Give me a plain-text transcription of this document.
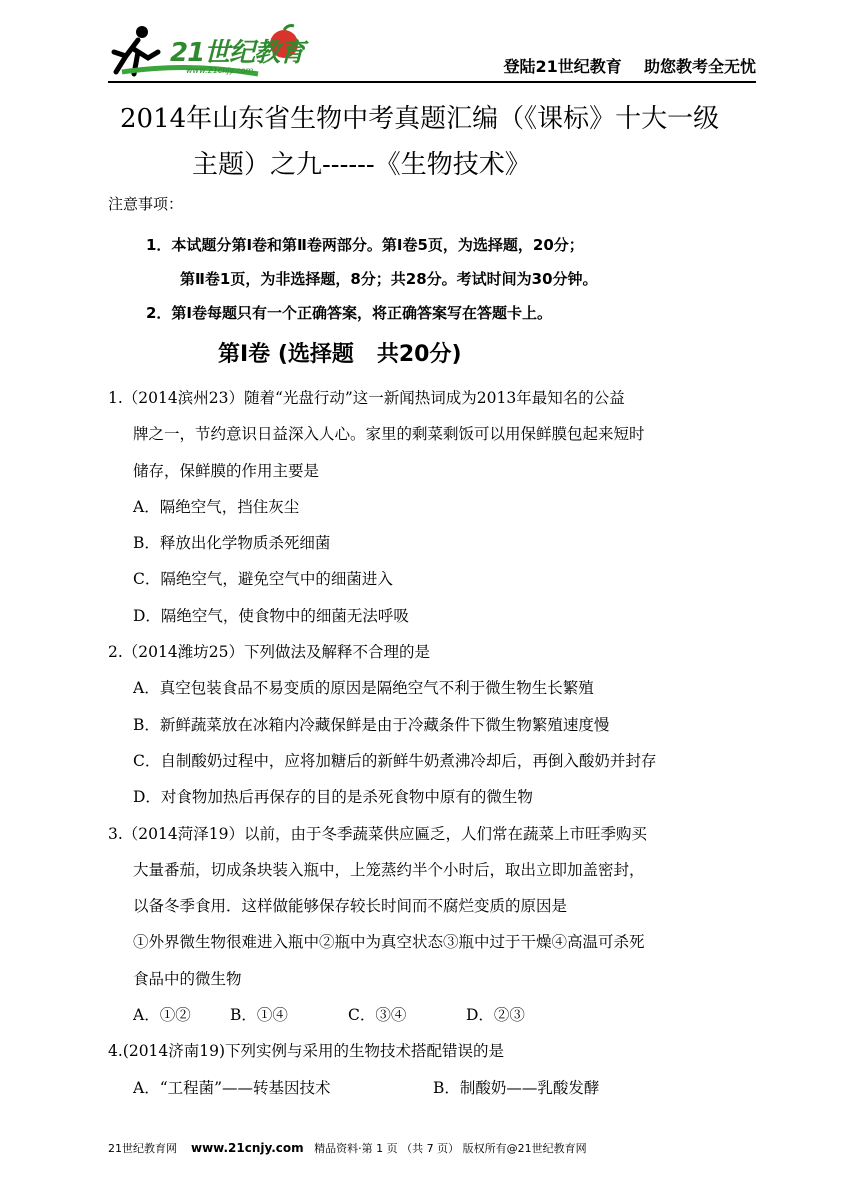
21世纪教育
www.21cnjy.com	登陆21世纪教育    助您教考全无忧
2014年山东省生物中考真题汇编（《课标》十大一级
主题）之九------《生物技术》
注意事项：
1．本试题分第Ⅰ卷和第Ⅱ卷两部分。第Ⅰ卷5页，为选择题，20分；
第Ⅱ卷1页，为非选择题，8分；共28分。考试时间为30分钟。
2．第Ⅰ卷每题只有一个正确答案，将正确答案写在答题卡上。
第Ⅰ卷 (选择题   共20分)
1.（2014滨州23）随着“光盘行动”这一新闻热词成为2013年最知名的公益
牌之一，节约意识日益深入人心。家里的剩菜剩饭可以用保鲜膜包起来短时
储存，保鲜膜的作用主要是
A．隔绝空气，挡住灰尘
B．释放出化学物质杀死细菌
C．隔绝空气，避免空气中的细菌进入
D．隔绝空气，使食物中的细菌无法呼吸
2.（2014潍坊25）下列做法及解释不合理的是
A．真空包装食品不易变质的原因是隔绝空气不利于微生物生长繁殖
B．新鲜蔬菜放在冰箱内冷藏保鲜是由于冷藏条件下微生物繁殖速度慢
C．自制酸奶过程中，应将加糖后的新鲜牛奶煮沸冷却后，再倒入酸奶并封存
D．对食物加热后再保存的目的是杀死食物中原有的微生物
3.（2014菏泽19）以前，由于冬季蔬菜供应匾乏，人们常在蔬菜上市旺季购买
大量番茄，切成条块装入瓶中，上笼蒸约半个小时后，取出立即加盖密封，
以备冬季食用．这样做能够保存较长时间而不腐烂变质的原因是
①外界微生物很难进入瓶中②瓶中为真空状态③瓶中过于干燥④高温可杀死
食品中的微生物
A．①②	B．①④	C．③④	D．②③
4.(2014济南19)下列实例与采用的生物技术搭配错误的是
A．“工程菌”——转基因技术	B．制酸奶——乳酸发酵
21世纪教育网 www.21cnjy.com 精品资料·第 1 页 （共 7 页） 版权所有@21世纪教育网
